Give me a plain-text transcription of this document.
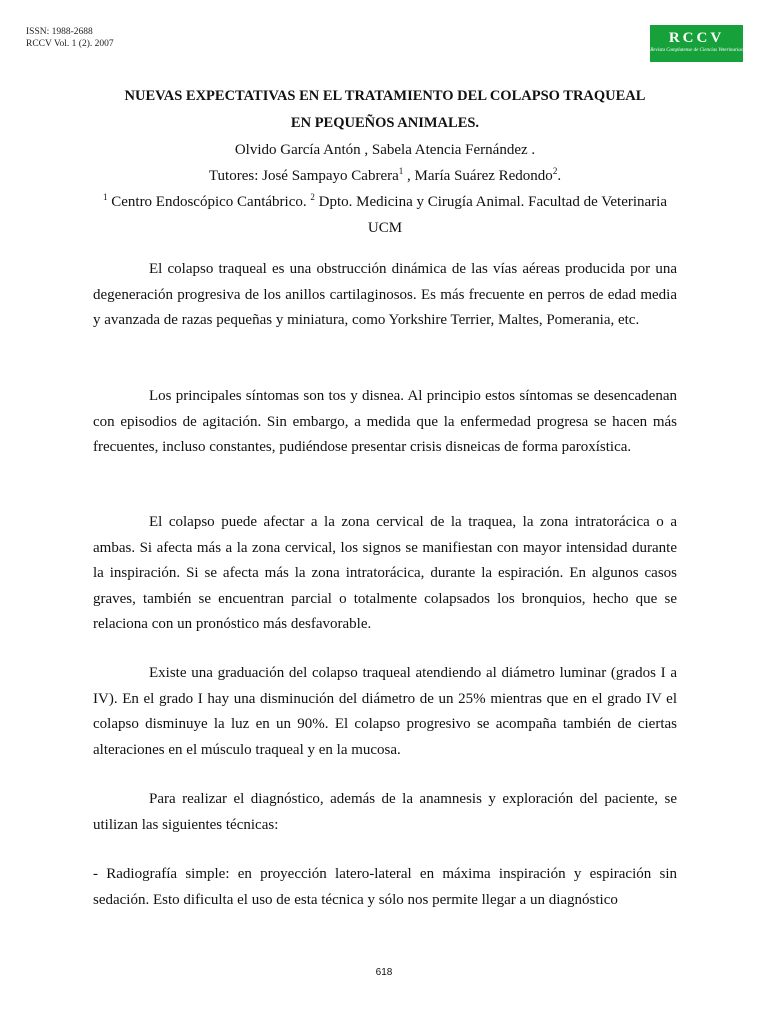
ISSN: 1988-2688
RCCV Vol. 1 (2). 2007	RCCV
Revista Complutense de Ciencias Veterinarias
NUEVAS EXPECTATIVAS EN EL TRATAMIENTO DEL COLAPSO TRAQUEAL
EN PEQUEÑOS ANIMALES.
Olvido García Antón , Sabela Atencia Fernández .
Tutores: José Sampayo Cabrera$^1$ , María Suárez Redondo$^2$.
$^1$ Centro Endoscópico Cantábrico. $^2$ Dpto. Medicina y Cirugía Animal. Facultad de Veterinaria
UCM

El colapso traqueal es una obstrucción dinámica de las vías aéreas producida por una degeneración progresiva de los anillos cartilaginosos. Es más frecuente en perros de edad media y avanzada de razas pequeñas y miniatura, como Yorkshire Terrier, Maltes, Pomerania, etc.

Los principales síntomas son tos y disnea. Al principio estos síntomas se desencadenan con episodios de agitación. Sin embargo, a medida que la enfermedad progresa se hacen más frecuentes, incluso constantes, pudiéndose presentar crisis disneicas de forma paroxística.

El colapso puede afectar a la zona cervical de la traquea, la zona intratorácica o a ambas. Si afecta más a la zona cervical, los signos se manifiestan con mayor intensidad durante la inspiración. Si se afecta más la zona intratorácica, durante la espiración. En algunos casos graves, también se encuentran parcial o totalmente colapsados los bronquios, hecho que se relaciona con un pronóstico más desfavorable.

Existe una graduación del colapso traqueal atendiendo al diámetro luminar (grados I a IV). En el grado I hay una disminución del diámetro de un 25% mientras que en el grado IV el colapso disminuye la luz en un 90%. El colapso progresivo se acompaña también de ciertas alteraciones en el músculo traqueal y en la mucosa.

Para realizar el diagnóstico, además de la anamnesis y exploración del paciente, se utilizan las siguientes técnicas:

- Radiografía simple: en proyección latero-lateral en máxima inspiración y espiración sin sedación. Esto dificulta el uso de esta técnica y sólo nos permite llegar a un diagnóstico

618
